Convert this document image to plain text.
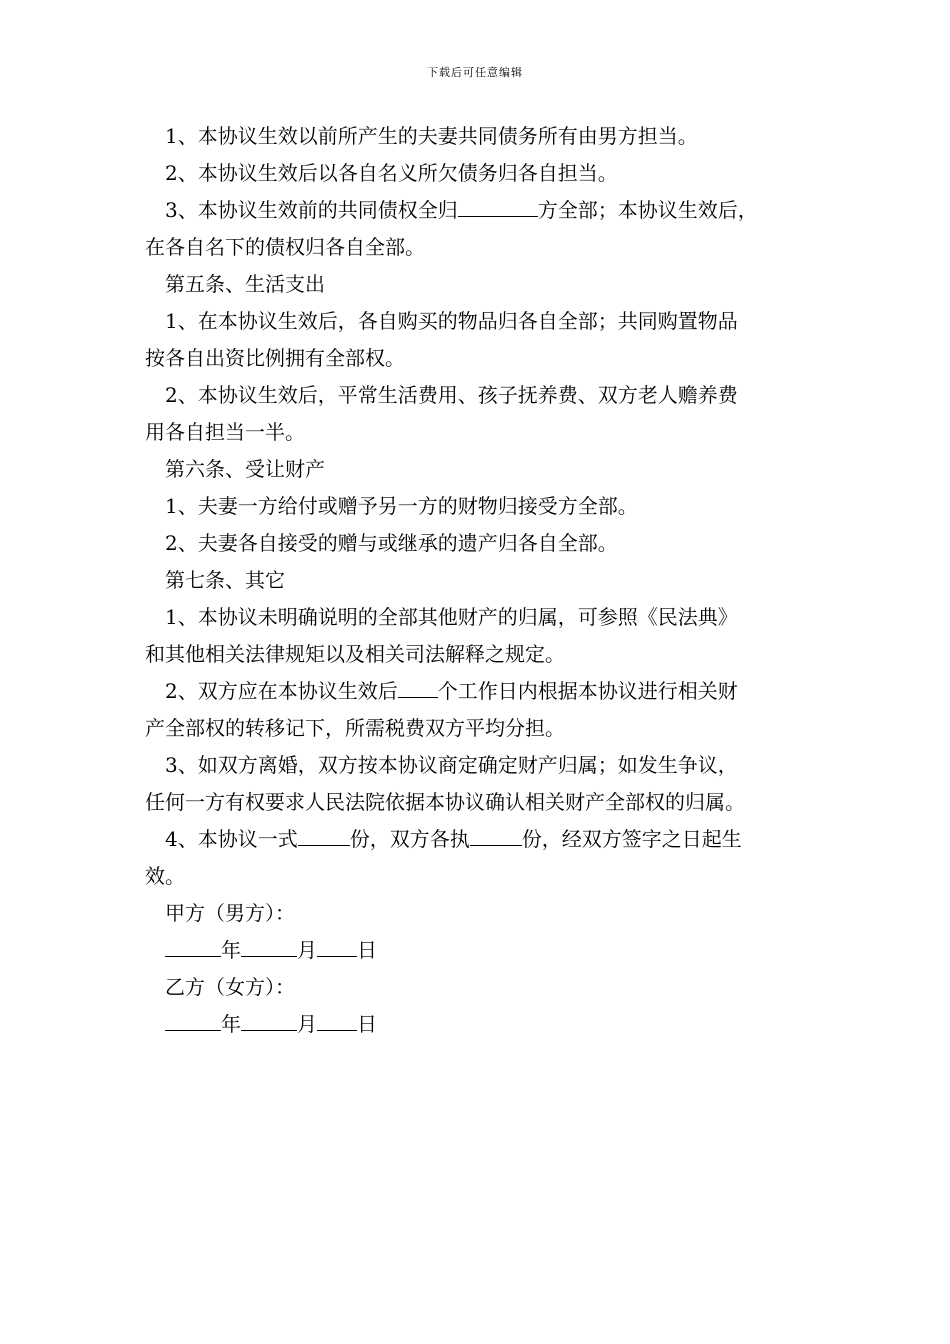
下载后可任意编辑

1、本协议生效以前所产生的夫妻共同债务所有由男方担当。

2、本协议生效后以各自名义所欠债务归各自担当。

3、本协议生效前的共同债权全归	方全部；本协议生效后，

在各自名下的债权归各自全部。

第五条、生活支出

1、在本协议生效后，各自购买的物品归各自全部；共同购置物品

按各自出资比例拥有全部权。

2、本协议生效后，平常生活费用、孩子抚养费、双方老人赡养费

用各自担当一半。

第六条、受让财产

1、夫妻一方给付或赠予另一方的财物归接受方全部。

2、夫妻各自接受的赠与或继承的遗产归各自全部。

第七条、其它

1、本协议未明确说明的全部其他财产的归属，可参照《民法典》

和其他相关法律规矩以及相关司法解释之规定。

2、双方应在本协议生效后 个工作日内根据本协议进行相关财

产全部权的转移记下，所需税费双方平均分担。

3、如双方离婚，双方按本协议商定确定财产归属；如发生争议，

任何一方有权要求人民法院依据本协议确认相关财产全部权的归属。

4、本协议一式	份，双方各执	份，经双方签字之日起生

效。

甲方（男方）：

年	月 日

乙方（女方）：

年	月 日
